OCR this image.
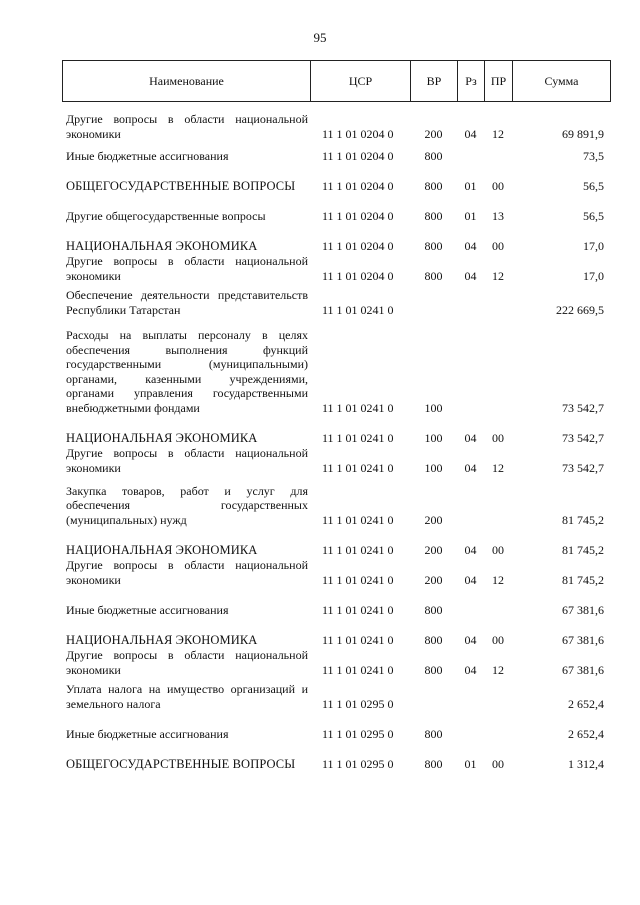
95
Наименование	ЦСР	ВР	Рз	ПР	Сумма
Другие вопросы в области национальной экономики	11 1 01 0204 0	200	04	12	69 891,9
Иные бюджетные ассигнования	11 1 01 0204 0	800			73,5
ОБЩЕГОСУДАРСТВЕННЫЕ ВОПРОСЫ	11 1 01 0204 0	800	01	00	56,5
Другие общегосударственные вопросы	11 1 01 0204 0	800	01	13	56,5
НАЦИОНАЛЬНАЯ ЭКОНОМИКА	11 1 01 0204 0	800	04	00	17,0
Другие вопросы в области национальной экономики	11 1 01 0204 0	800	04	12	17,0
Обеспечение деятельности представительств Республики Татарстан	11 1 01 0241 0				222 669,5
Расходы на выплаты персоналу в целях обеспечения выполнения функций государственными (муниципальными) органами, казенными учреждениями, органами управления государственными внебюджетными фондами	11 1 01 0241 0	100			73 542,7
НАЦИОНАЛЬНАЯ ЭКОНОМИКА	11 1 01 0241 0	100	04	00	73 542,7
Другие вопросы в области национальной экономики	11 1 01 0241 0	100	04	12	73 542,7
Закупка товаров, работ и услуг для обеспечения государственных (муниципальных) нужд	11 1 01 0241 0	200			81 745,2
НАЦИОНАЛЬНАЯ ЭКОНОМИКА	11 1 01 0241 0	200	04	00	81 745,2
Другие вопросы в области национальной экономики	11 1 01 0241 0	200	04	12	81 745,2
Иные бюджетные ассигнования	11 1 01 0241 0	800			67 381,6
НАЦИОНАЛЬНАЯ ЭКОНОМИКА	11 1 01 0241 0	800	04	00	67 381,6
Другие вопросы в области национальной экономики	11 1 01 0241 0	800	04	12	67 381,6
Уплата налога на имущество организаций и земельного налога	11 1 01 0295 0				2 652,4
Иные бюджетные ассигнования	11 1 01 0295 0	800			2 652,4
ОБЩЕГОСУДАРСТВЕННЫЕ ВОПРОСЫ	11 1 01 0295 0	800	01	00	1 312,4
